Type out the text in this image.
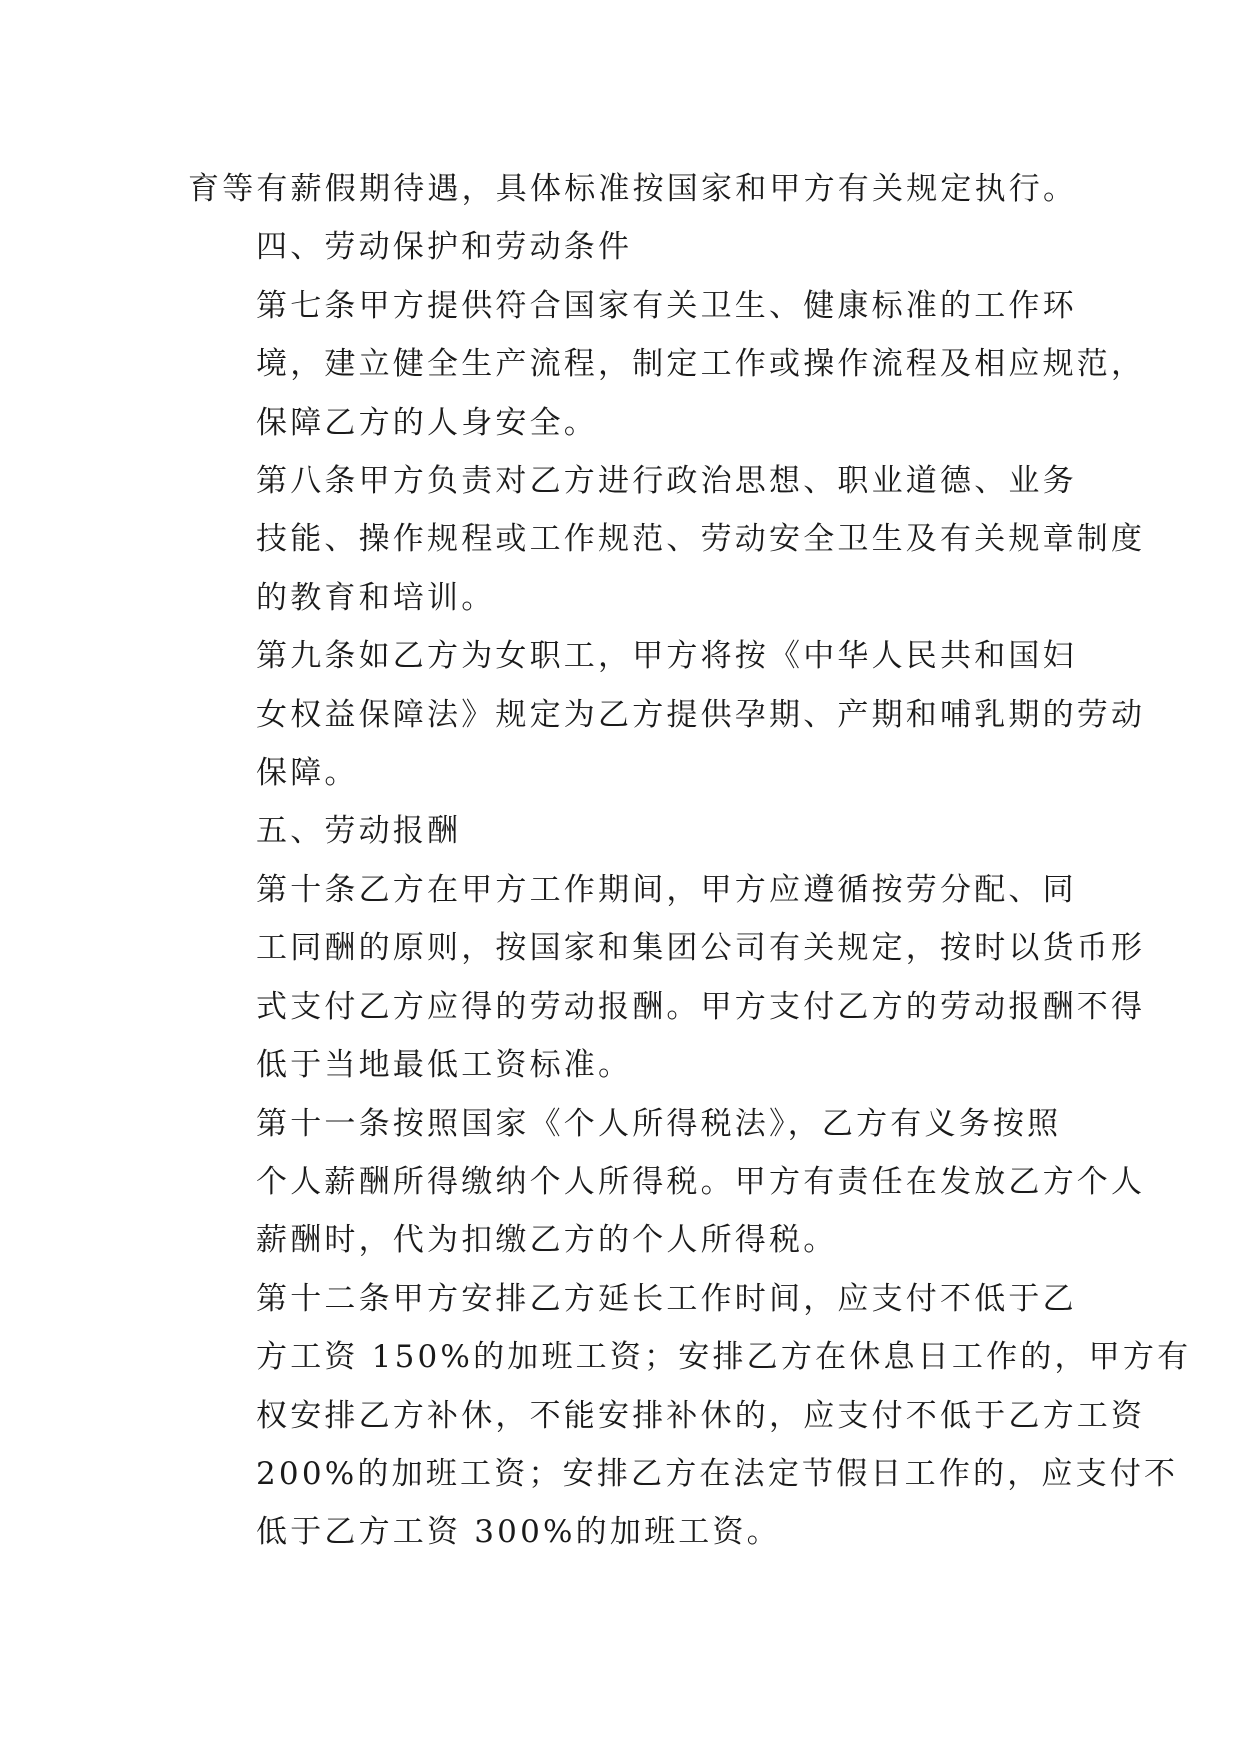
育等有薪假期待遇，具体标准按国家和甲方有关规定执行。

四、劳动保护和劳动条件

第七条甲方提供符合国家有关卫生、健康标准的工作环
境，建立健全生产流程，制定工作或操作流程及相应规范，
保障乙方的人身安全。

第八条甲方负责对乙方进行政治思想、职业道德、业务
技能、操作规程或工作规范、劳动安全卫生及有关规章制度
的教育和培训。

第九条如乙方为女职工，甲方将按《中华人民共和国妇
女权益保障法》规定为乙方提供孕期、产期和哺乳期的劳动
保障。

五、劳动报酬

第十条乙方在甲方工作期间，甲方应遵循按劳分配、同
工同酬的原则，按国家和集团公司有关规定，按时以货币形
式支付乙方应得的劳动报酬。甲方支付乙方的劳动报酬不得
低于当地最低工资标准。

第十一条按照国家《个人所得税法》，乙方有义务按照
个人薪酬所得缴纳个人所得税。甲方有责任在发放乙方个人
薪酬时，代为扣缴乙方的个人所得税。

第十二条甲方安排乙方延长工作时间，应支付不低于乙
方工资 150%的加班工资；安排乙方在休息日工作的，甲方有
权安排乙方补休，不能安排补休的，应支付不低于乙方工资
200%的加班工资；安排乙方在法定节假日工作的，应支付不
低于乙方工资 300%的加班工资。
